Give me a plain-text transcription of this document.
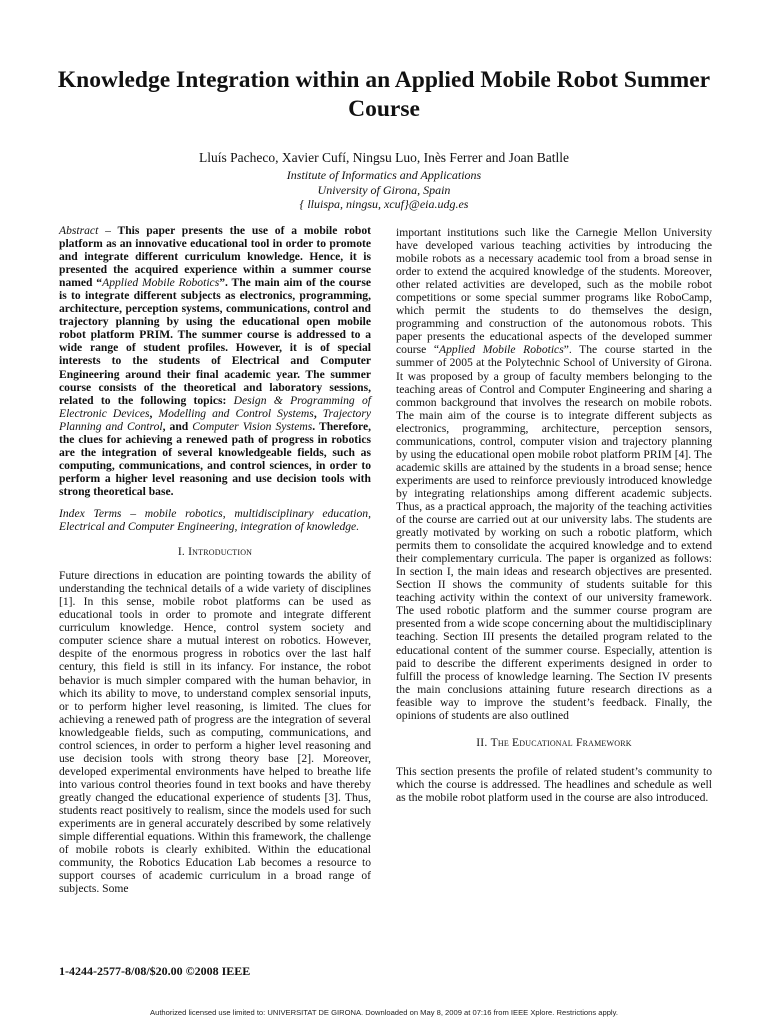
Knowledge Integration within an Applied Mobile Robot Summer Course

Lluís Pacheco, Xavier Cufí, Ningsu Luo, Inès Ferrer and Joan Batlle

Institute of Informatics and Applications
University of Girona, Spain
{ lluispa, ningsu, xcuf}@eia.udg.es

Abstract – This paper presents the use of a mobile robot platform as an innovative educational tool in order to promote and integrate different curriculum knowledge. Hence, it is presented the acquired experience within a summer course named “Applied Mobile Robotics”. The main aim of the course is to integrate different subjects as electronics, programming, architecture, perception systems, communications, control and trajectory planning by using the educational open mobile robot platform PRIM. The summer course is addressed to a wide range of student profiles. However, it is of special interests to the students of Electrical and Computer Engineering around their final academic year. The summer course consists of the theoretical and laboratory sessions, related to the following topics: Design & Programming of Electronic Devices, Modelling and Control Systems, Trajectory Planning and Control, and Computer Vision Systems. Therefore, the clues for achieving a renewed path of progress in robotics are the integration of several knowledgeable fields, such as computing, communications, and control sciences, in order to perform a higher level reasoning and use decision tools with strong theoretical base.

Index Terms – mobile robotics, multidisciplinary education, Electrical and Computer Engineering, integration of knowledge.

I. Introduction

Future directions in education are pointing towards the ability of understanding the technical details of a wide variety of disciplines [1]. In this sense, mobile robot platforms can be used as educational tools in order to promote and integrate different curriculum knowledge. Hence, control system society and computer science share a mutual interest on robotics. However, despite of the enormous progress in robotics over the last half century, this field is still in its infancy. For instance, the robot behavior is much simpler compared with the human behavior, in which its ability to move, to understand complex sensorial inputs, or to perform higher level reasoning, is limited. The clues for achieving a renewed path of progress are the integration of several knowledgeable fields, such as computing, communications, and control sciences, in order to perform a higher level reasoning and use decision tools with strong theory base [2]. Moreover, developed experimental environments have helped to breathe life into various control theories found in text books and have thereby greatly changed the educational experience of students [3]. Thus, students react positively to realism, since the models used for such experiments are in general accurately described by some relatively simple differential equations. Within this framework, the challenge of mobile robots is clearly exhibited. Within the educational community, the Robotics Education Lab becomes a resource to support courses of academic curriculum in a broad range of subjects. Some

important institutions such like the Carnegie Mellon University have developed various teaching activities by introducing the mobile robots as a necessary academic tool from a broad sense in order to extend the acquired knowledge of the students. Moreover, other related activities are developed, such as the mobile robot competitions or some special summer programs like RoboCamp, which permit the students to do themselves the design, programming and construction of the autonomous robots. This paper presents the educational aspects of the developed summer course “Applied Mobile Robotics”. The course started in the summer of 2005 at the Polytechnic School of University of Girona. It was proposed by a group of faculty members belonging to the teaching areas of Control and Computer Engineering and sharing a common background that involves the research on mobile robots. The main aim of the course is to integrate different subjects as electronics, programming, architecture, perception sensors, communications, control, computer vision and trajectory planning by using the educational open mobile robot platform PRIM [4]. The academic skills are attained by the students in a broad sense; hence experiments are used to reinforce previously introduced knowledge by integrating relationships among different academic subjects. Thus, as a practical approach, the majority of the teaching activities of the course are carried out at our university labs. The students are greatly motivated by working on such a robotic platform, which permits them to consolidate the acquired knowledge and to extend their complementary curricula. The paper is organized as follows: In section I, the main ideas and research objectives are presented. Section II shows the community of students suitable for this teaching activity within the context of our university framework. The used robotic platform and the summer course program are presented from a wide scope concerning about the multidisciplinary teaching. Section III presents the detailed program related to the educational content of the summer course. Especially, attention is paid to describe the different experiments designed in order to fulfill the process of knowledge learning. The Section IV presents the main conclusions attaining future research directions as a feasible way to improve the student’s feedback. Finally, the opinions of students are also outlined

II. The Educational Framework

This section presents the profile of related student’s community to which the course is addressed. The headlines and schedule as well as the mobile robot platform used in the course are also introduced.

1-4244-2577-8/08/$20.00 ©2008 IEEE
Authorized licensed use limited to: UNIVERSITAT DE GIRONA. Downloaded on May 8, 2009 at 07:16 from IEEE Xplore. Restrictions apply.
